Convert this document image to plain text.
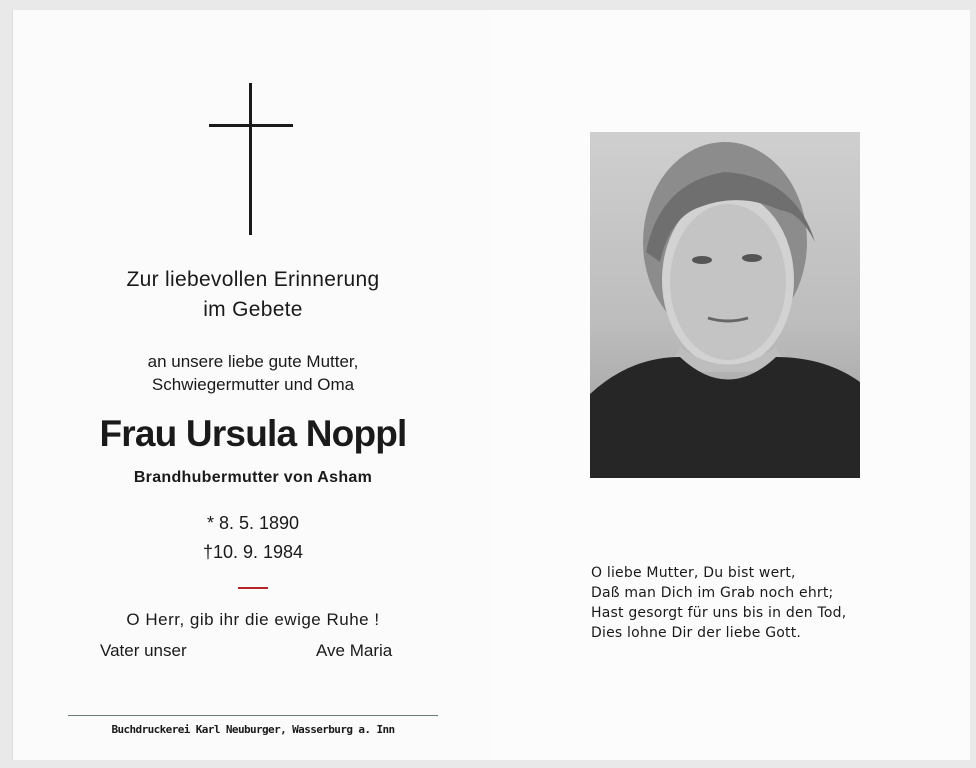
Zur liebevollen Erinnerung
im Gebete
an unsere liebe gute Mutter,
Schwiegermutter und Oma
Frau Ursula Noppl
Brandhubermutter von Asham
* 8. 5. 1890
†10. 9. 1984
O Herr, gib ihr die ewige Ruhe !
Vater unser	Ave Maria
Buchdruckerei Karl Neuburger, Wasserburg a. Inn
O liebe Mutter, Du bist wert,
Daß man Dich im Grab noch ehrt;
Hast gesorgt für uns bis in den Tod,
Dies lohne Dir der liebe Gott.
